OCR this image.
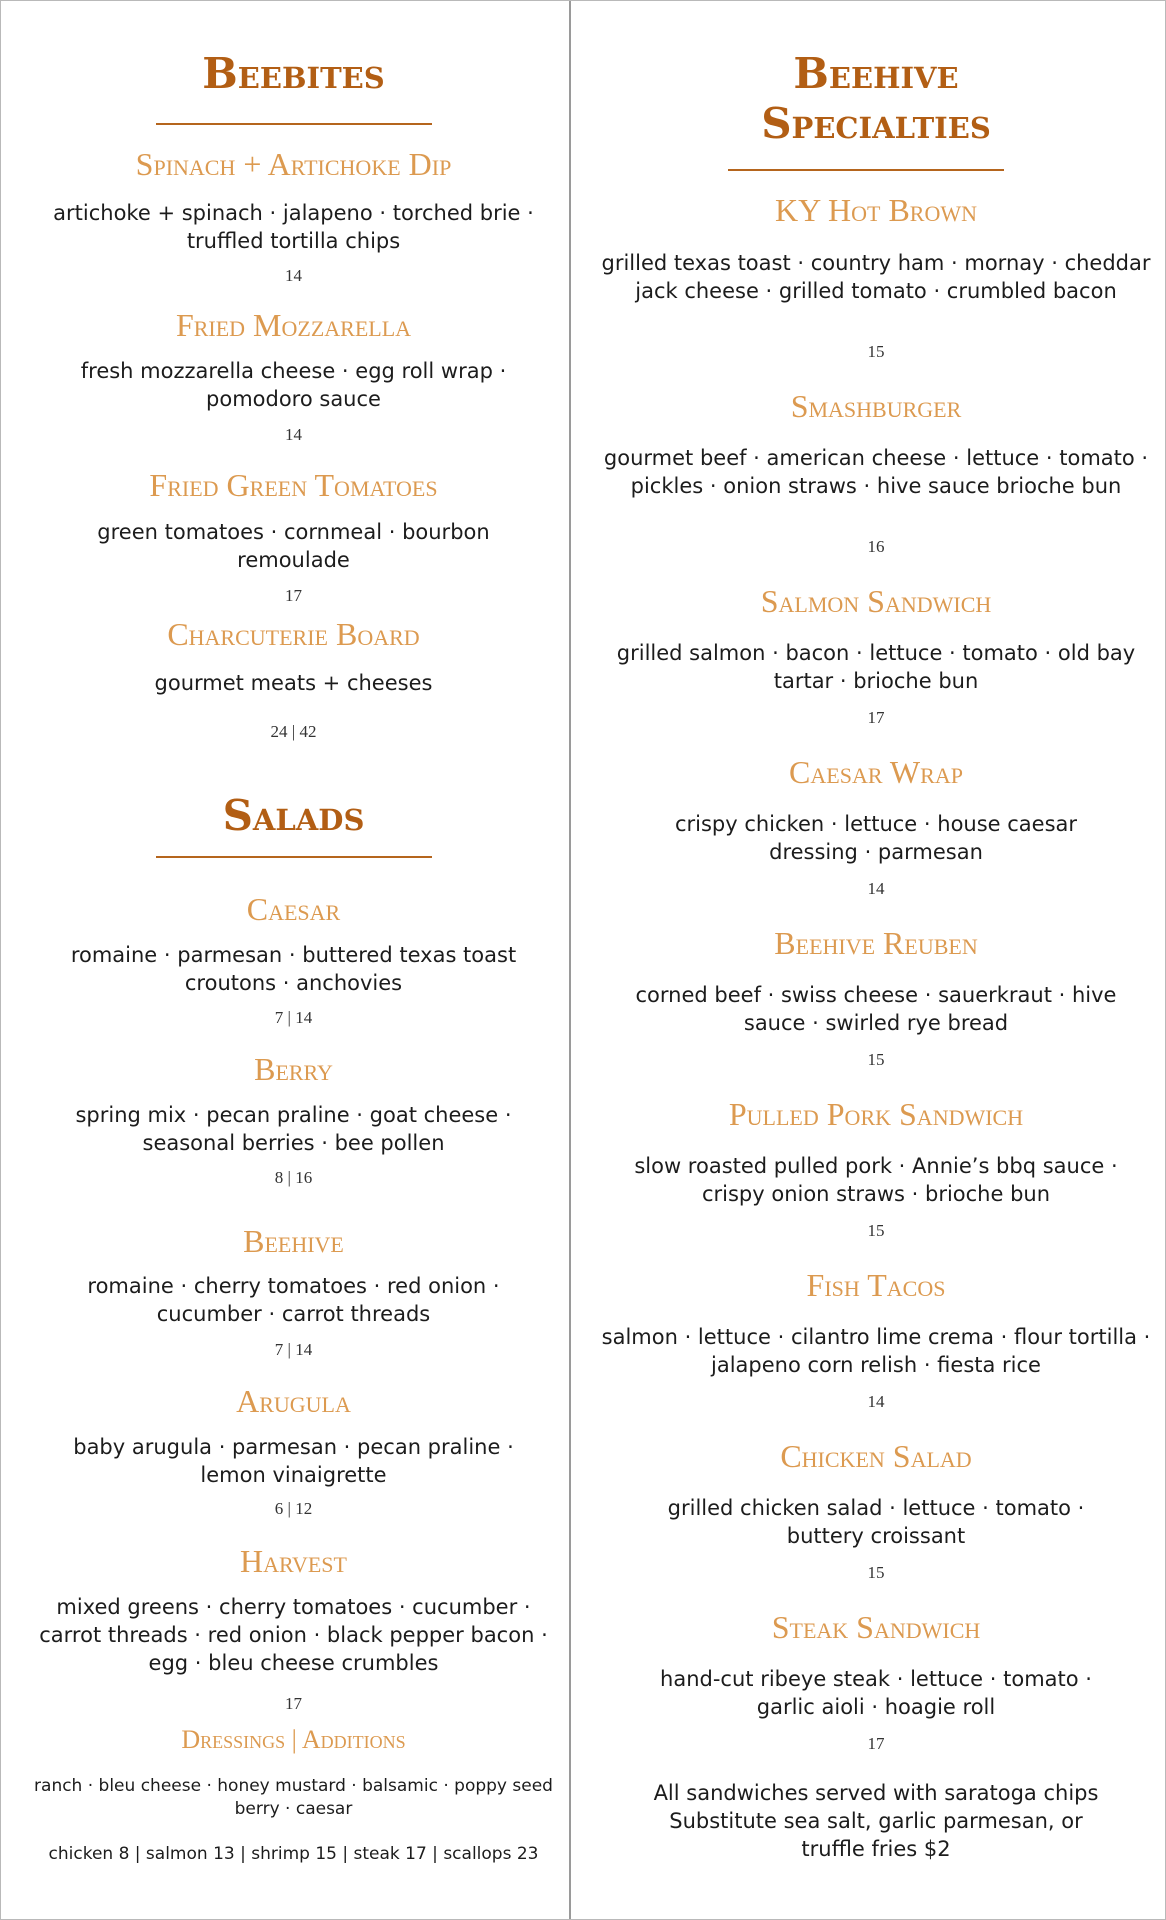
Beebites
Spinach + Artichoke Dip
artichoke + spinach · jalapeno · torched brie · truffled tortilla chips
14
Fried Mozzarella
fresh mozzarella cheese · egg roll wrap · pomodoro sauce
14
Fried Green Tomatoes
green tomatoes · cornmeal · bourbon remoulade
17
Charcuterie Board
gourmet meats + cheeses
24 | 42
Salads
Caesar
romaine · parmesan · buttered texas toast croutons · anchovies
7 | 14
Berry
spring mix · pecan praline · goat cheese · seasonal berries · bee pollen
8 | 16
Beehive
romaine · cherry tomatoes · red onion · cucumber · carrot threads
7 | 14
Arugula
baby arugula · parmesan · pecan praline · lemon vinaigrette
6 | 12
Harvest
mixed greens · cherry tomatoes · cucumber · carrot threads · red onion · black pepper bacon · egg · bleu cheese crumbles
17
Dressings | Additions
ranch · bleu cheese · honey mustard · balsamic · poppy seed berry · caesar
chicken 8 | salmon 13 | shrimp 15 | steak 17 | scallops 23
Beehive Specialties
KY Hot Brown
grilled texas toast · country ham · mornay · cheddar jack cheese · grilled tomato · crumbled bacon
15
Smashburger
gourmet beef · american cheese · lettuce · tomato · pickles · onion straws · hive sauce brioche bun
16
Salmon Sandwich
grilled salmon · bacon · lettuce · tomato · old bay tartar · brioche bun
17
Caesar Wrap
crispy chicken · lettuce · house caesar dressing · parmesan
14
Beehive Reuben
corned beef · swiss cheese · sauerkraut · hive sauce · swirled rye bread
15
Pulled Pork Sandwich
slow roasted pulled pork · Annie’s bbq sauce · crispy onion straws · brioche bun
15
Fish Tacos
salmon · lettuce · cilantro lime crema · flour tortilla · jalapeno corn relish · fiesta rice
14
Chicken Salad
grilled chicken salad · lettuce · tomato · buttery croissant
15
Steak Sandwich
hand-cut ribeye steak · lettuce · tomato · garlic aioli · hoagie roll
17
All sandwiches served with saratoga chips
Substitute sea salt, garlic parmesan, or
truffle fries $2
